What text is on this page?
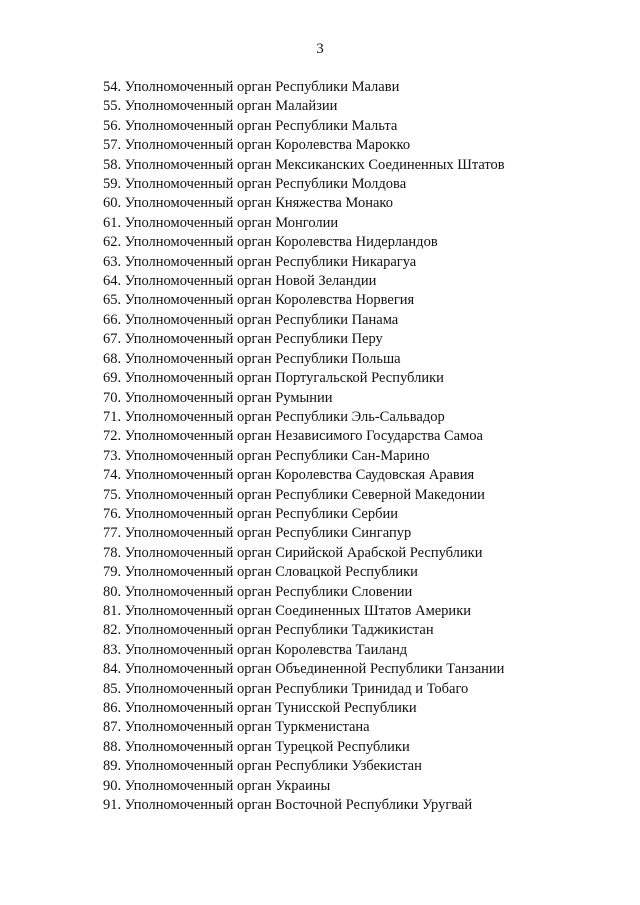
3
54. Уполномоченный орган Республики Малави
55. Уполномоченный орган Малайзии
56. Уполномоченный орган Республики Мальта
57. Уполномоченный орган Королевства Марокко
58. Уполномоченный орган Мексиканских Соединенных Штатов
59. Уполномоченный орган Республики Молдова
60. Уполномоченный орган Княжества Монако
61. Уполномоченный орган Монголии
62. Уполномоченный орган Королевства Нидерландов
63. Уполномоченный орган Республики Никарагуа
64. Уполномоченный орган Новой Зеландии
65. Уполномоченный орган Королевства Норвегия
66. Уполномоченный орган Республики Панама
67. Уполномоченный орган Республики Перу
68. Уполномоченный орган Республики Польша
69. Уполномоченный орган Португальской Республики
70. Уполномоченный орган Румынии
71. Уполномоченный орган Республики Эль-Сальвадор
72. Уполномоченный орган Независимого Государства Самоа
73. Уполномоченный орган Республики Сан-Марино
74. Уполномоченный орган Королевства Саудовская Аравия
75. Уполномоченный орган Республики Северной Македонии
76. Уполномоченный орган Республики Сербии
77. Уполномоченный орган Республики Сингапур
78. Уполномоченный орган Сирийской Арабской Республики
79. Уполномоченный орган Словацкой Республики
80. Уполномоченный орган Республики Словении
81. Уполномоченный орган Соединенных Штатов Америки
82. Уполномоченный орган Республики Таджикистан
83. Уполномоченный орган Королевства Таиланд
84. Уполномоченный орган Объединенной Республики Танзании
85. Уполномоченный орган Республики Тринидад и Тобаго
86. Уполномоченный орган Тунисской Республики
87. Уполномоченный орган Туркменистана
88. Уполномоченный орган Турецкой Республики
89. Уполномоченный орган Республики Узбекистан
90. Уполномоченный орган Украины
91. Уполномоченный орган Восточной Республики Уругвай
